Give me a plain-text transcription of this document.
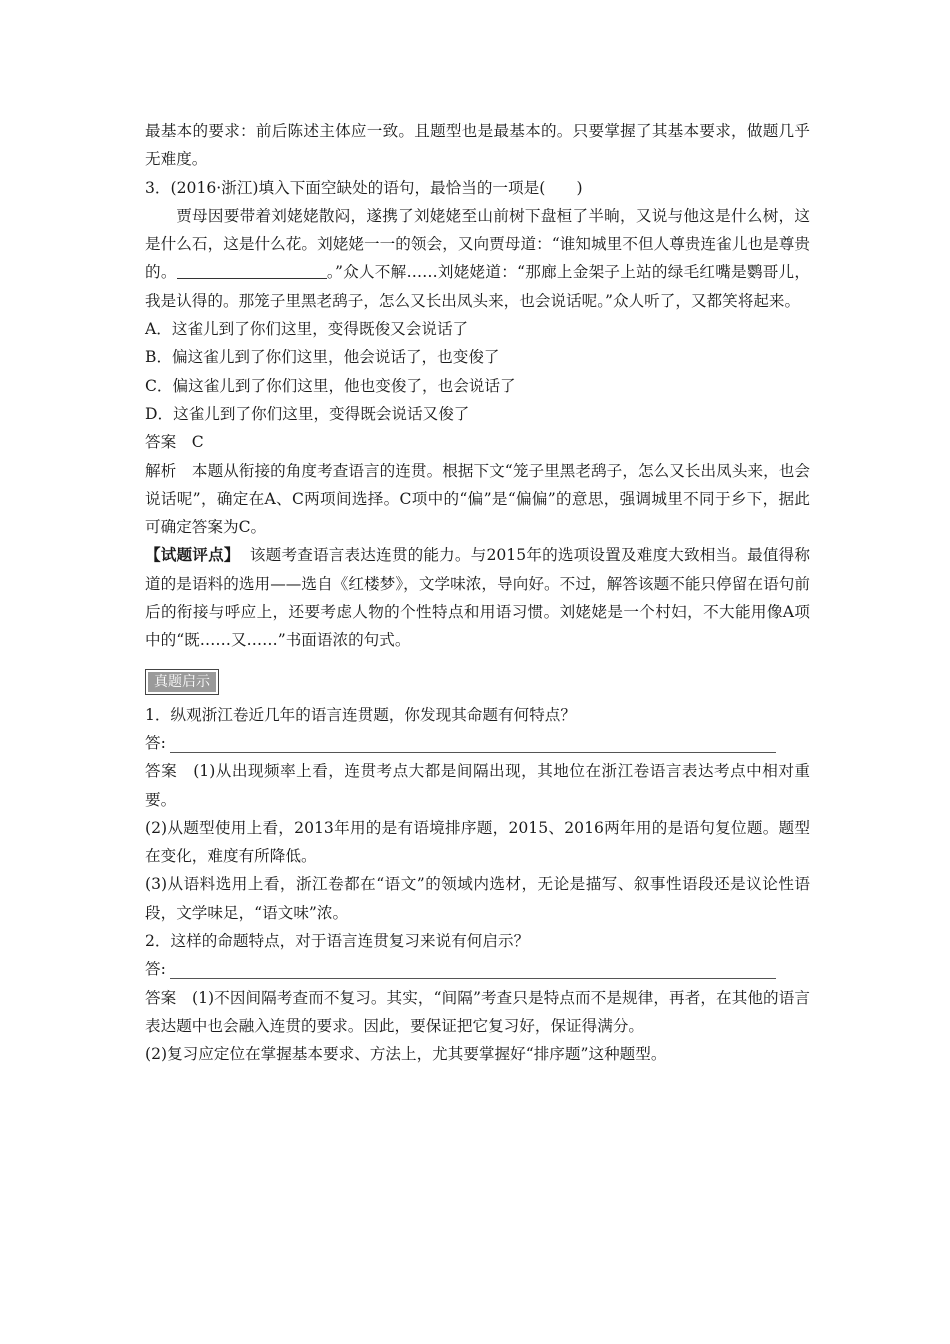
最基本的要求：前后陈述主体应一致。且题型也是最基本的。只要掌握了其基本要求，做题几乎无难度。

3．(2016·浙江)填入下面空缺处的语句，最恰当的一项是(　　)

贾母因要带着刘姥姥散闷，遂携了刘姥姥至山前树下盘桓了半晌，又说与他这是什么树，这是什么石，这是什么花。刘姥姥一一的领会，又向贾母道：“谁知城里不但人尊贵连雀儿也是尊贵的。	。”众人不解……刘姥姥道：“那廊上金架子上站的绿毛红嘴是鹦哥儿，我是认得的。那笼子里黑老鸹子，怎么又长出凤头来，也会说话呢。”众人听了，又都笑将起来。

A．这雀儿到了你们这里，变得既俊又会说话了

B．偏这雀儿到了你们这里，他会说话了，也变俊了

C．偏这雀儿到了你们这里，他也变俊了，也会说话了

D．这雀儿到了你们这里，变得既会说话又俊了

答案　C

解析　本题从衔接的角度考查语言的连贯。根据下文“笼子里黑老鸹子，怎么又长出凤头来，也会说话呢”，确定在A、C两项间选择。C项中的“偏”是“偏偏”的意思，强调城里不同于乡下，据此可确定答案为C。

【试题评点】 该题考查语言表达连贯的能力。与2015年的选项设置及难度大致相当。最值得称道的是语料的选用——选自《红楼梦》，文学味浓，导向好。不过，解答该题不能只停留在语句前后的衔接与呼应上，还要考虑人物的个性特点和用语习惯。刘姥姥是一个村妇，不大能用像A项中的“既……又……”书面语浓的句式。

真题启示

1．纵观浙江卷近几年的语言连贯题，你发现其命题有何特点？

答:

答案　(1)从出现频率上看，连贯考点大都是间隔出现，其地位在浙江卷语言表达考点中相对重要。

(2)从题型使用上看，2013年用的是有语境排序题，2015、2016两年用的是语句复位题。题型在变化，难度有所降低。

(3)从语料选用上看，浙江卷都在“语文”的领域内选材，无论是描写、叙事性语段还是议论性语段，文学味足，“语文味”浓。

2．这样的命题特点，对于语言连贯复习来说有何启示？

答:

答案　(1)不因间隔考查而不复习。其实，“间隔”考查只是特点而不是规律，再者，在其他的语言表达题中也会融入连贯的要求。因此，要保证把它复习好，保证得满分。

(2)复习应定位在掌握基本要求、方法上，尤其要掌握好“排序题”这种题型。
